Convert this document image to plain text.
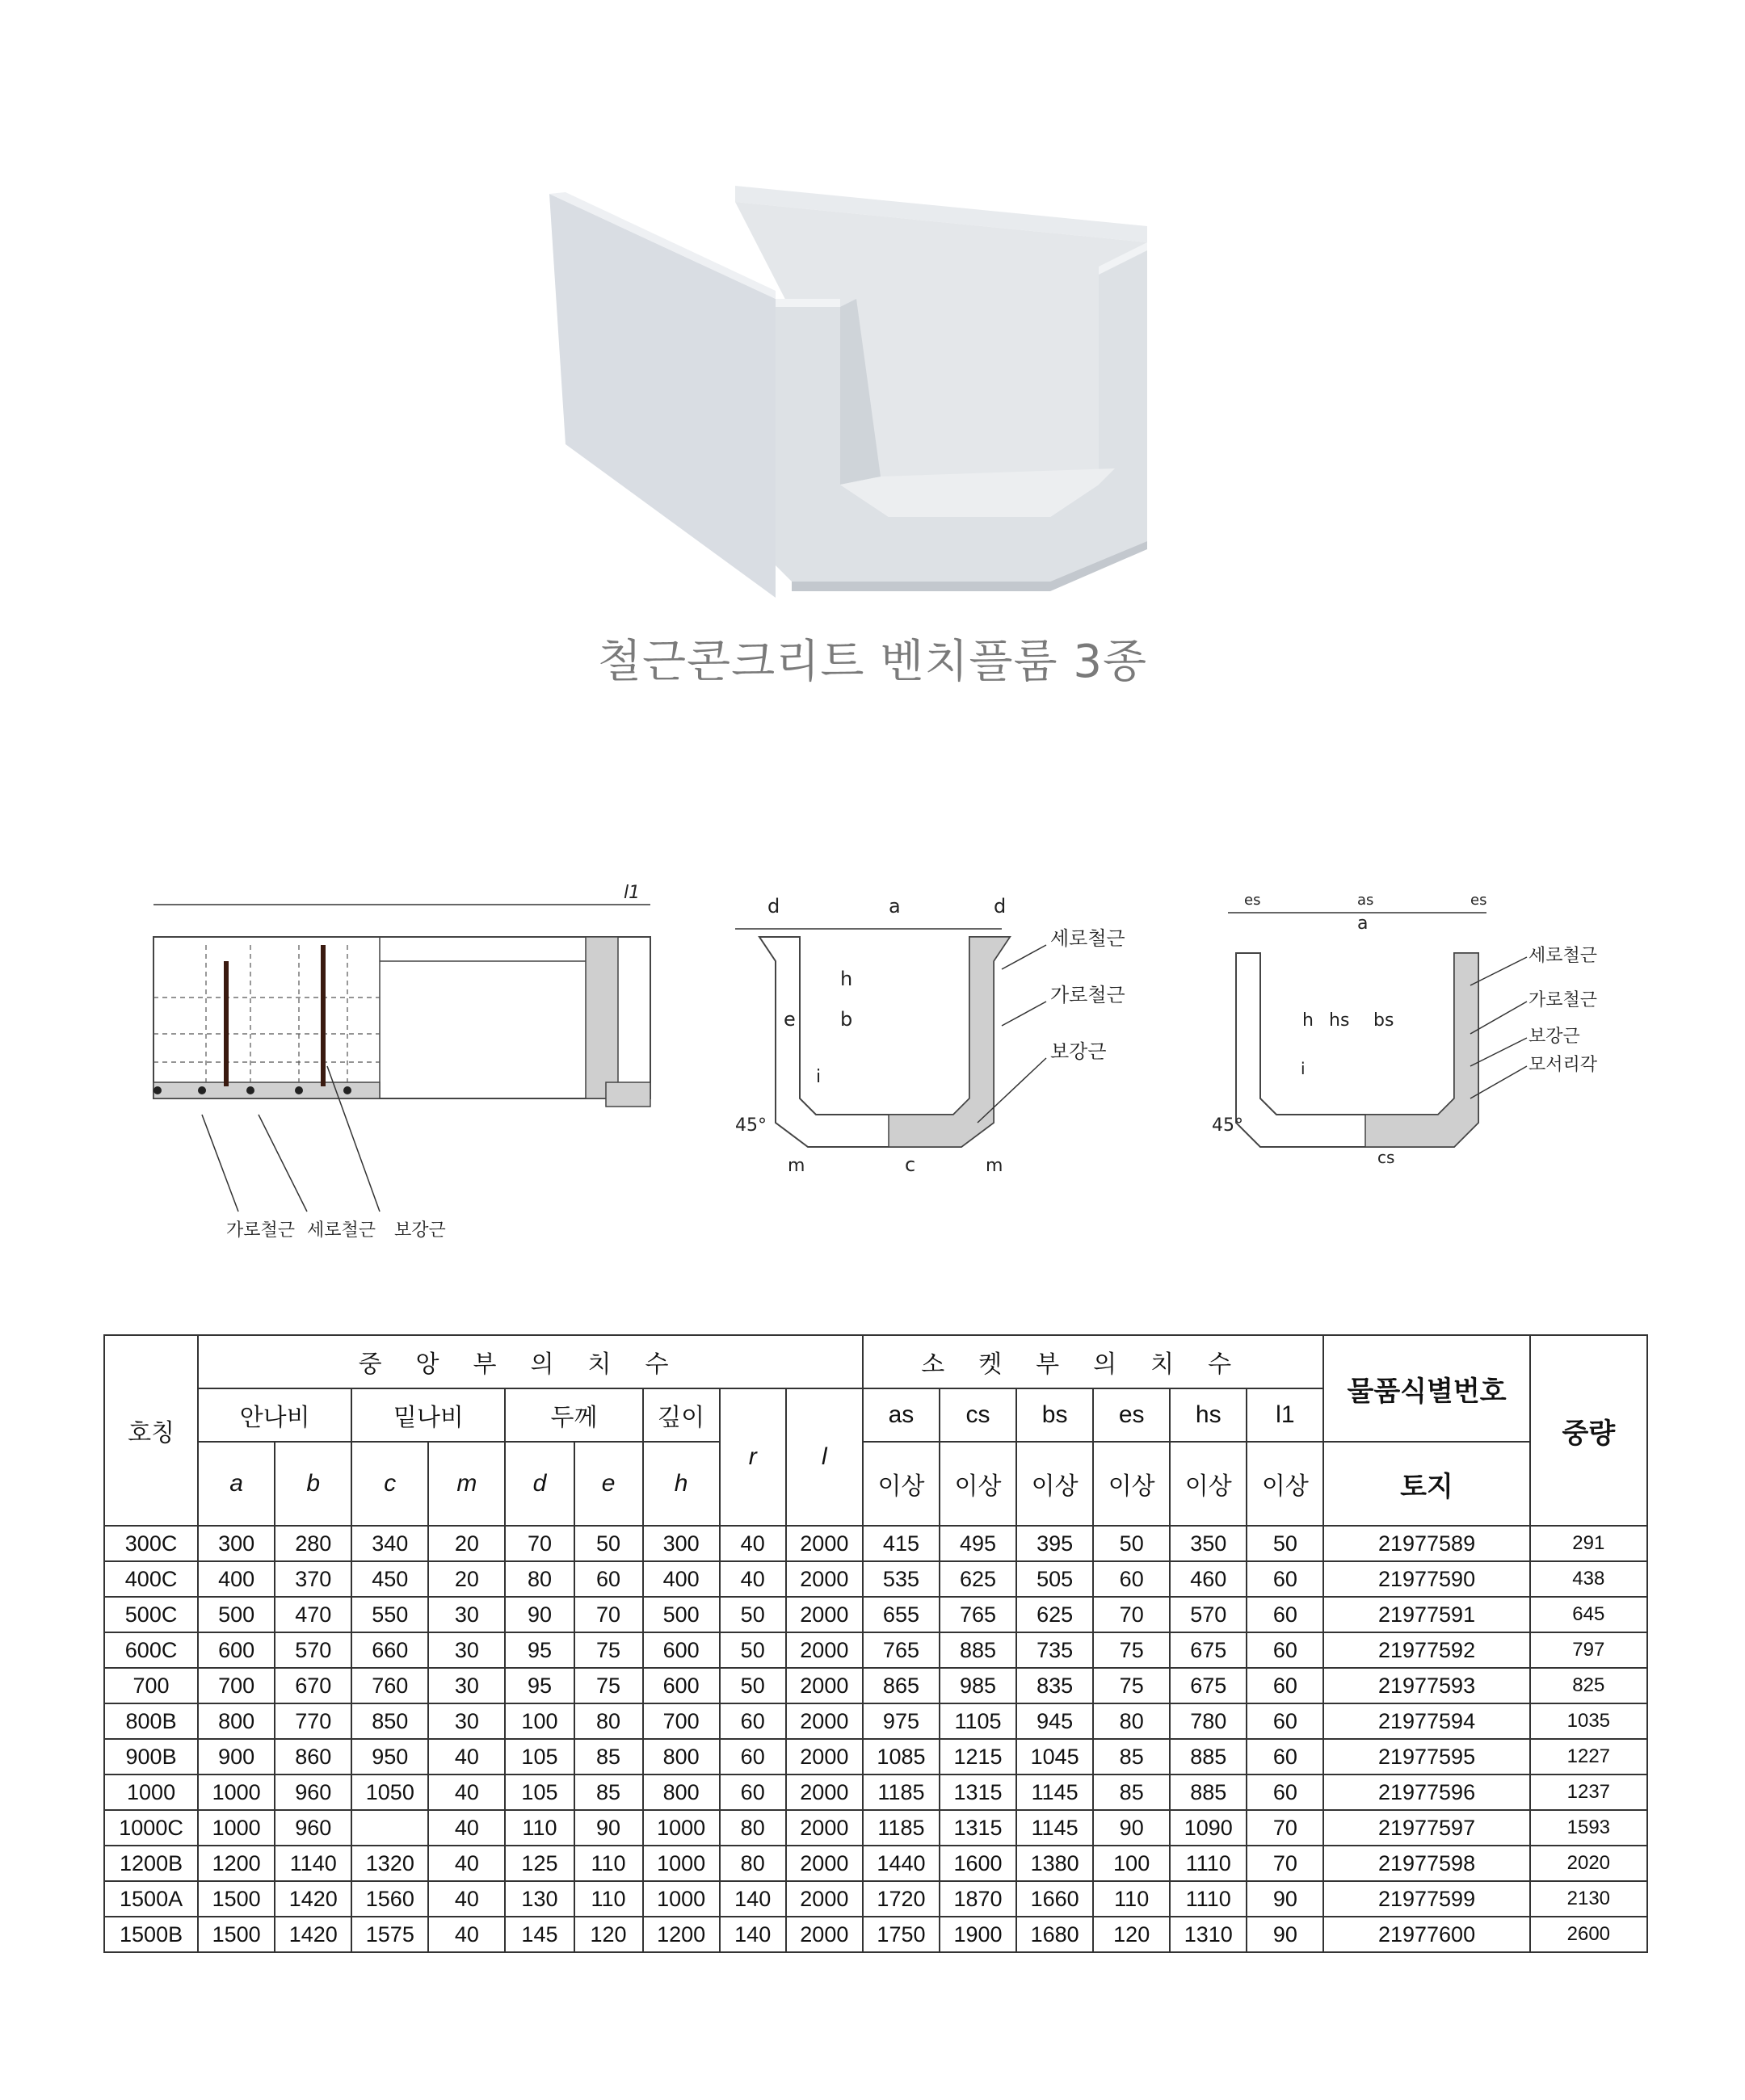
철근콘크리트 벤치플룸 3종
l1
가로철근 세로철근 보강근
d	a	d
h
e b
i
45°
m	c	m
세로철근
가로철근
보강근
es	as	es
a
h hs bs
i
45°
cs
세로철근
가로철근
보강근
모서리각
호칭	중앙부의치수									소켓부의치수						물품식별번호	중량
	안나비		밑나비		두께		깊이	r	l	as	cs	bs	es	hs	l1		
	a	b	c	m	d	e	h			이상	이상	이상	이상	이상	이상	토지	
300C	300	280	340	20	70	50	300	40	2000	415	495	395	50	350	50	21977589	291
400C	400	370	450	20	80	60	400	40	2000	535	625	505	60	460	60	21977590	438
500C	500	470	550	30	90	70	500	50	2000	655	765	625	70	570	60	21977591	645
600C	600	570	660	30	95	75	600	50	2000	765	885	735	75	675	60	21977592	797
700	700	670	760	30	95	75	600	50	2000	865	985	835	75	675	60	21977593	825
800B	800	770	850	30	100	80	700	60	2000	975	1105	945	80	780	60	21977594	1035
900B	900	860	950	40	105	85	800	60	2000	1085	1215	1045	85	885	60	21977595	1227
1000	1000	960	1050	40	105	85	800	60	2000	1185	1315	1145	85	885	60	21977596	1237
1000C	1000	960		40	110	90	1000	80	2000	1185	1315	1145	90	1090	70	21977597	1593
1200B	1200	1140	1320	40	125	110	1000	80	2000	1440	1600	1380	100	1110	70	21977598	2020
1500A	1500	1420	1560	40	130	110	1000	140	2000	1720	1870	1660	110	1110	90	21977599	2130
1500B	1500	1420	1575	40	145	120	1200	140	2000	1750	1900	1680	120	1310	90	21977600	2600
